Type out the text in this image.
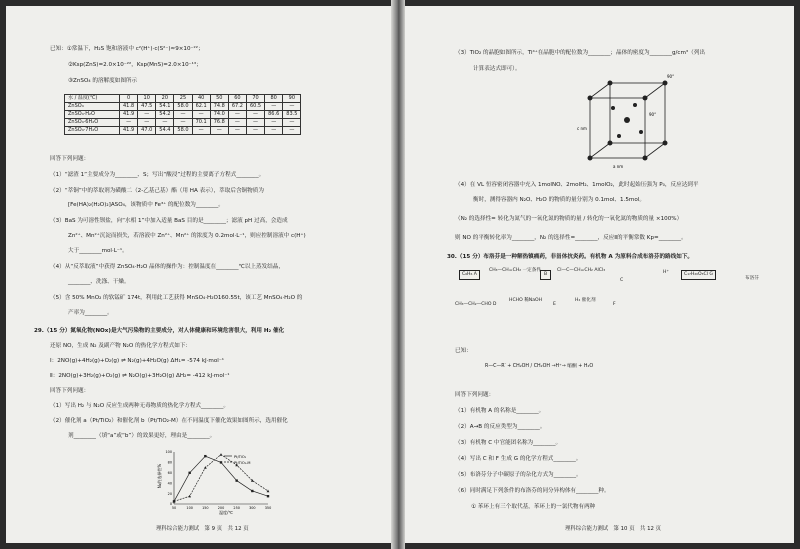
已知：①常温下，H₂S 饱和溶液中 c²(H⁺)·c(S²⁻)≈9×10⁻²²；
②Ksp(ZnS)=2.0×10⁻²²，Ksp(MnS)=2.0×10⁻¹³；
③ZnSO₄ 的溶解度如图所示
水 / 温度(℃)	0	10	20	25	40	50	60	70	80	90
ZnSO₄	41.8	47.5	54.1	58.0	62.1	74.8	67.2	60.5	—	—
ZnSO₄·H₂O	41.9	—	54.2	—	—	74.0	—	—	86.6	83.5
ZnSO₄·6H₂O	—	—	—	—	70.1	76.8	—	—	—	—
ZnSO₄·7H₂O	41.9	47.0	54.4	58.0	—	—	—	—	—	—
回答下列问题：
（1）“滤渣 1”主要成分为________、S；写出“酸浸”过程的主要离子方程式________。
（2）“萃铜”中的萃取剂为磺酸二（2-乙基己基）酯（用 HA 表示），萃取后含铜物质为
[Fe(HA)₂(H₂O)₂]ASO₄，该物质中 Fe³⁺ 的配位数为________。
（3）BaS 为可溶性钡盐，向“水相 1”中加入适量 BaS 目的是________；滤液 pH 过高，会造成
Zn²⁺、Mn²⁺沉淀而损失，若溶液中 Zn²⁺、Mn²⁺ 的浓度为 0.2mol·L⁻¹，则应控制溶液中 c(H⁺)
大于________mol·L⁻¹。
（4）从“反萃取液”中获得 ZnSO₄·H₂O 晶体的操作为：控制温度在________℃以上蒸发结晶，
________、洗涤、干燥。
（5）含 50% MnO₂ 的软锰矿 174t，利用此工艺获得 MnSO₄·H₂O160.55t，该工艺 MnSO₄·H₂O 的
产率为________。
29.（15 分）氮氧化物(NOx)是大气污染物的主要成分，对人体健康和环境危害很大，利用 H₂ 催化
还原 NO，生成 N₂ 及副产物 N₂O 的热化学方程式如下：
Ⅰ：2NO(g)+4H₂(g)+O₂(g) ⇌ N₂(g)+4H₂O(g) ΔH₁= -574 kJ·mol⁻¹
Ⅱ：2NO(g)+3H₂(g)+O₂(g) ⇌ N₂O(g)+3H₂O(g) ΔH₂= -412 kJ·mol⁻¹
回答下列问题：
（1）写出 H₂ 与 N₂O 反应生成两种无毒物质的热化学方程式________。
（2）催化剂 a（Pt/TiO₂）和催化剂 b（Pt/TiO₂-M）在不同温度下催化效果如图所示，选用催化
剂________（填“a”或“b”）的效果更好，理由是________。
N₂的选择性%
温度/℃
50	100	150	200	250	300	350
0
20
40
60
80
100
Pt/TiO₂
Pt/TiO₂-M
理科综合能力测试　第 9 页　共 12 页
（3）TiO₂ 的晶胞如图所示，Ti⁴⁺在晶胞中的配位数为________；晶体的密度为________g/cm³（列出
计算表达式即可）。
c nm
a nm
90°
90°
（4）在 VL 恒容密闭容器中充入 1molNO、2molH₂、1molO₂，此时起始压强为 P₀，反应达到平
衡时，测得容器内 N₂O、H₂O 的物质的量分别为 0.1mol、1.5mol。
（N₂ 的选择性= 转化为氮气的一氧化氮的物质的量 / 转化的一氧化氮的物质的量 ×100%）
则 NO 的平衡转化率为________，N₂ 的选择性=________，反应Ⅱ的平衡常数 Kp=________。
30.（15 分）布洛芬是一种解热镇痛药，非甾体抗炎药。有机物 A 为原料合成布洛芬的路线如下。
C₆H₆ A
CH₃—CH=CH₂ 一定条件
B
Cl—C—CH=CH₂ AlCl₃
C
H⁺	C₁₇H₂₀O₃Cl G
布洛芬
CH₃—CH₂—CHO D
HCHO 稀NaOH
E
H₂ 催化剂
F
已知：
R—C—R′ + CH₂OH / CH₂OH →H⁺→ 缩酮 + H₂O
回答下列问题：
（1）有机物 A 的名称是________。
（2）A→B 的反应类型为________。
（3）有机物 C 中官能团名称为________。
（4）写出 C 和 F 生成 G 的化学方程式________。
（5）布洛芬分子中碳原子的杂化方式为________。
（6）同时满足下列条件的布洛芬的同分异构体有________种。
① 苯环上有三个取代基，苯环上的一氯代物有两种
理科综合能力测试　第 10 页　共 12 页
